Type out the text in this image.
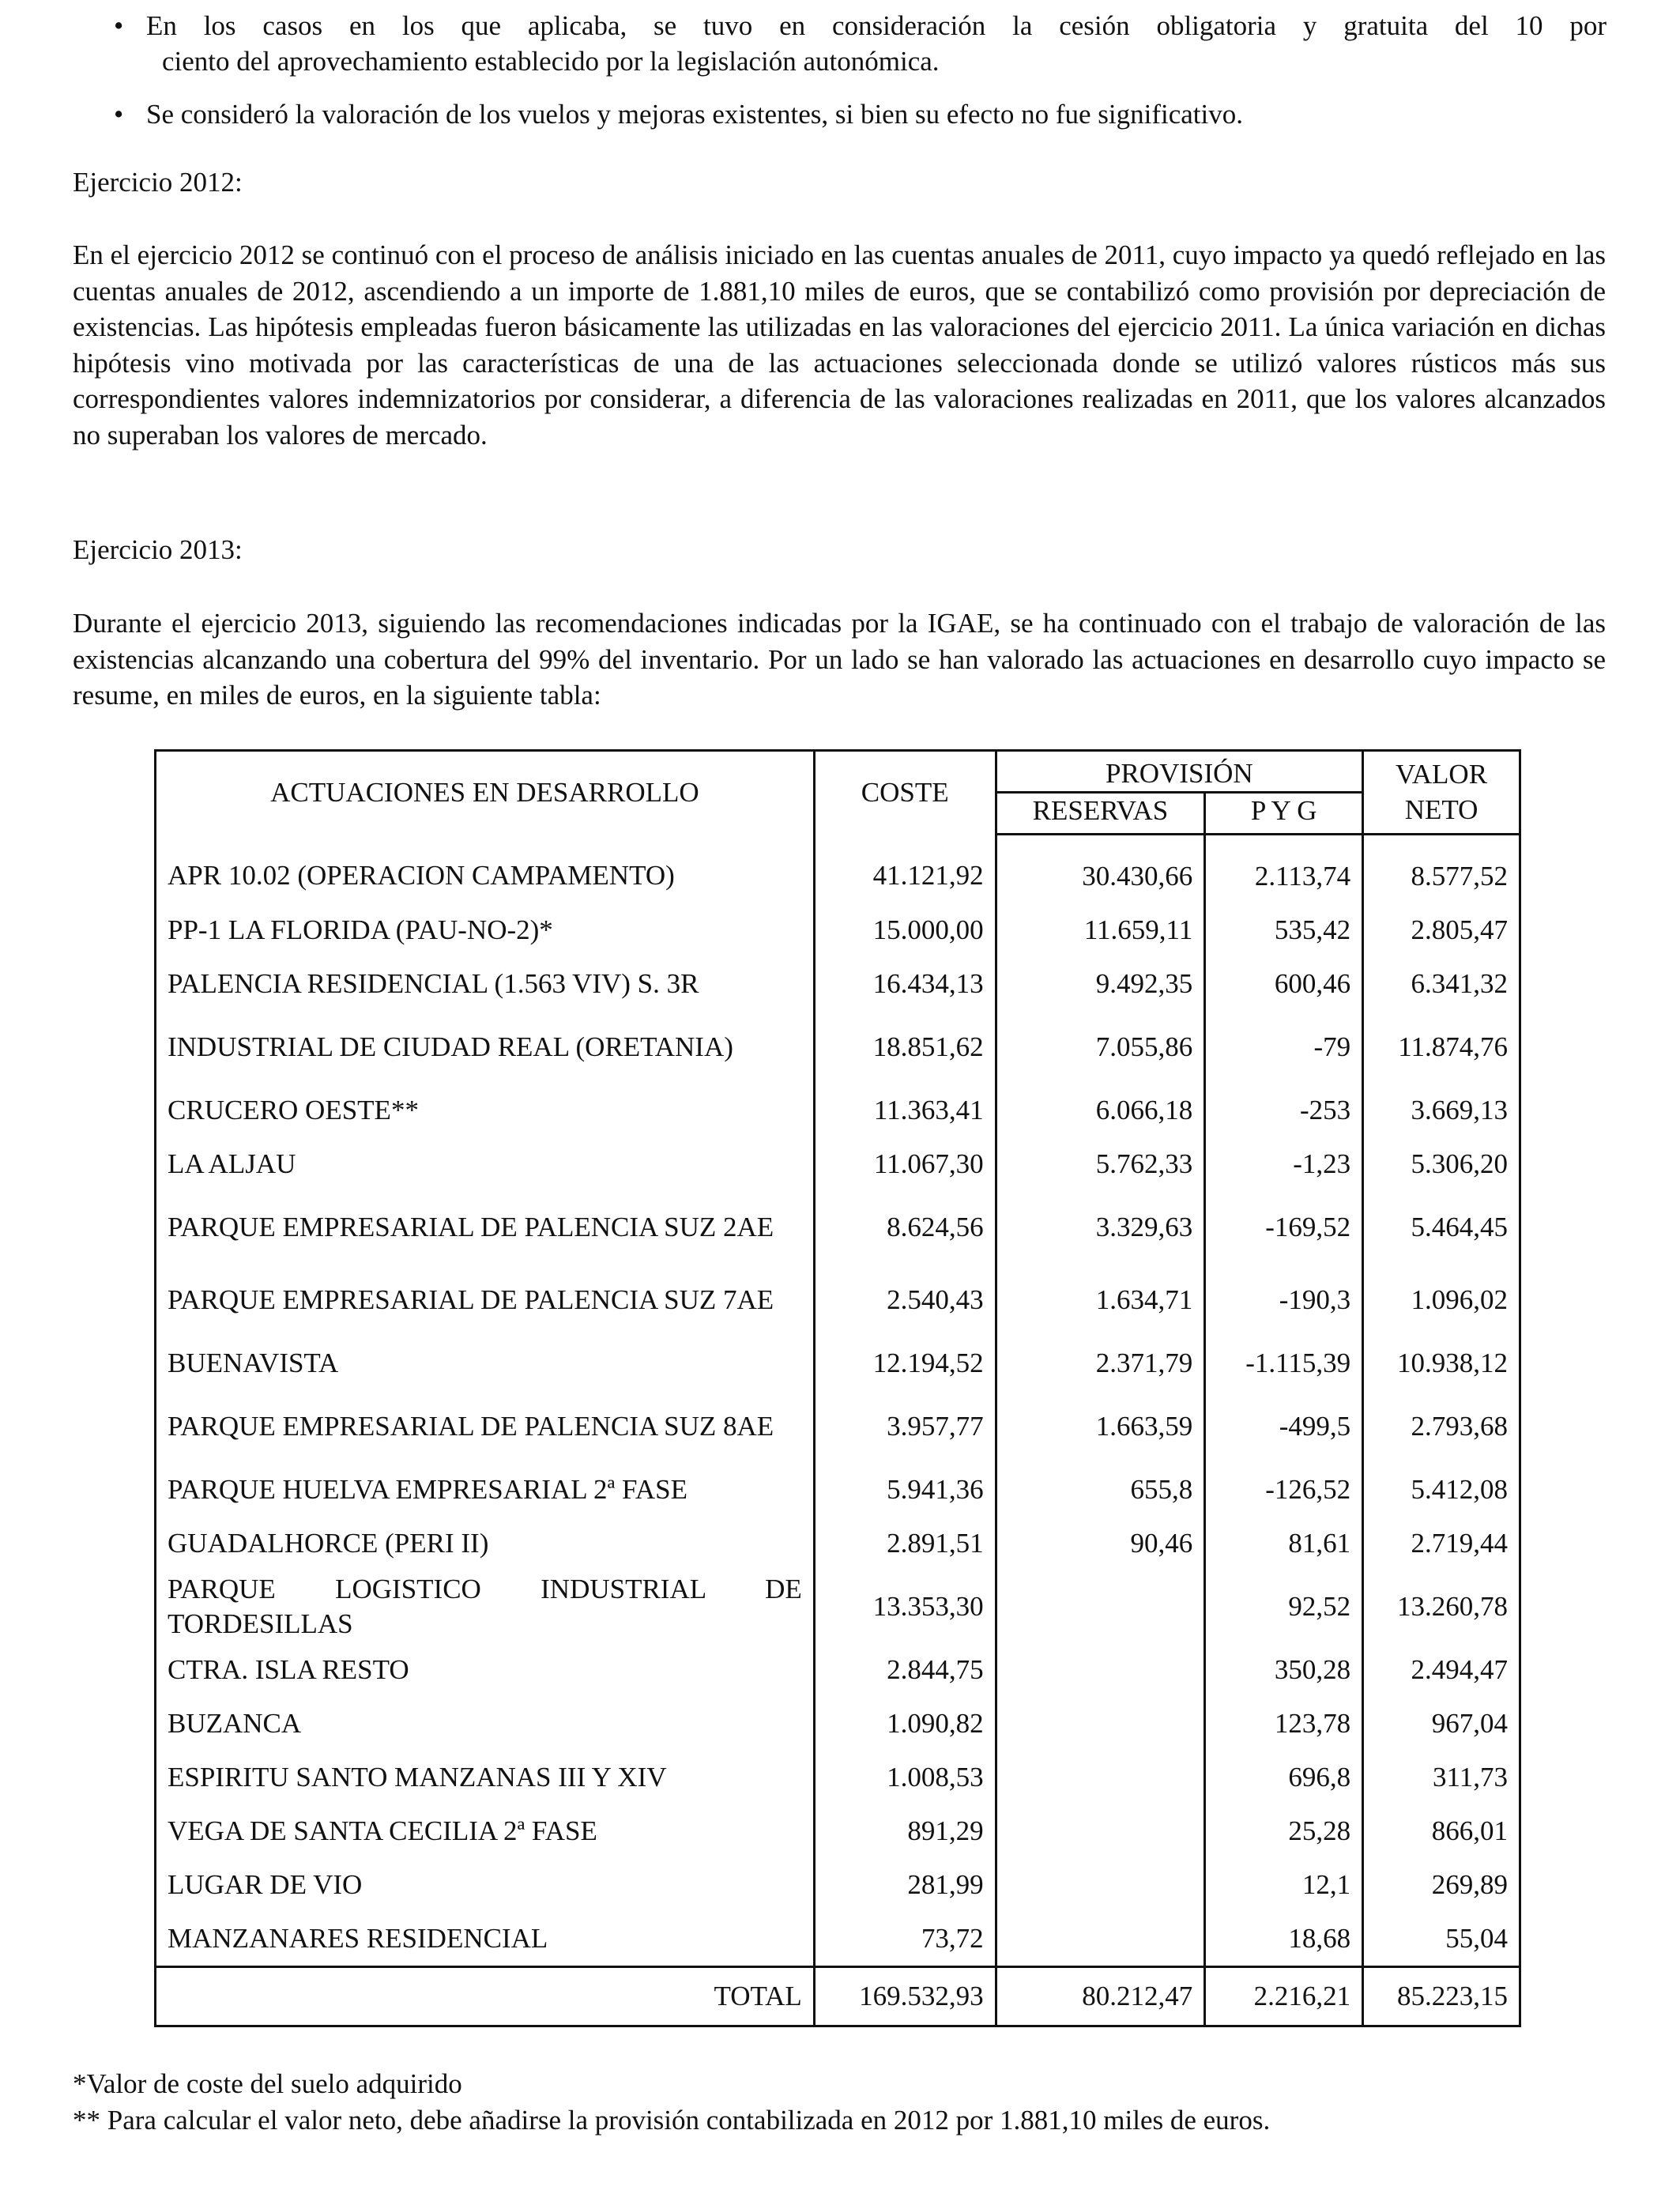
• En los casos en los que aplicaba, se tuvo en consideración la cesión obligatoria y gratuita del 10 por
ciento del aprovechamiento establecido por la legislación autonómica.
• Se consideró la valoración de los vuelos y mejoras existentes, si bien su efecto no fue significativo.
Ejercicio 2012:
En el ejercicio 2012 se continuó con el proceso de análisis iniciado en las cuentas anuales de 2011, cuyo impacto ya quedó reflejado en las cuentas anuales de 2012, ascendiendo a un importe de 1.881,10 miles de euros, que se contabilizó como provisión por depreciación de existencias. Las hipótesis empleadas fueron básicamente las utilizadas en las valoraciones del ejercicio 2011. La única variación en dichas hipótesis vino motivada por las características de una de las actuaciones seleccionada donde se utilizó valores rústicos más sus correspondientes valores indemnizatorios por considerar, a diferencia de las valoraciones realizadas en 2011, que los valores alcanzados no superaban los valores de mercado.
Ejercicio 2013:
Durante el ejercicio 2013, siguiendo las recomendaciones indicadas por la IGAE, se ha continuado con el trabajo de valoración de las existencias alcanzando una cobertura del 99% del inventario. Por un lado se han valorado las actuaciones en desarrollo cuyo impacto se resume, en miles de euros, en la siguiente tabla:
ACTUACIONES EN DESARROLLO	COSTE	PROVISIÓN		VALOR
		RESERVAS	P Y G	NETO
APR 10.02 (OPERACION CAMPAMENTO)	41.121,92	30.430,66	2.113,74	8.577,52
PP-1 LA FLORIDA (PAU-NO-2)*	15.000,00	11.659,11	535,42	2.805,47
PALENCIA RESIDENCIAL (1.563 VIV) S. 3R	16.434,13	9.492,35	600,46	6.341,32
INDUSTRIAL DE CIUDAD REAL (ORETANIA)	18.851,62	7.055,86	-79	11.874,76
CRUCERO OESTE**	11.363,41	6.066,18	-253	3.669,13
LA ALJAU	11.067,30	5.762,33	-1,23	5.306,20
PARQUE EMPRESARIAL DE PALENCIA SUZ 2AE	8.624,56	3.329,63	-169,52	5.464,45
PARQUE EMPRESARIAL DE PALENCIA SUZ 7AE	2.540,43	1.634,71	-190,3	1.096,02
BUENAVISTA	12.194,52	2.371,79	-1.115,39	10.938,12
PARQUE EMPRESARIAL DE PALENCIA SUZ 8AE	3.957,77	1.663,59	-499,5	2.793,68
PARQUE HUELVA EMPRESARIAL 2ª FASE	5.941,36	655,8	-126,52	5.412,08
GUADALHORCE (PERI II)	2.891,51	90,46	81,61	2.719,44
PARQUE LOGISTICO INDUSTRIAL DE TORDESILLAS	13.353,30		92,52	13.260,78
CTRA. ISLA RESTO	2.844,75		350,28	2.494,47
BUZANCA	1.090,82		123,78	967,04
ESPIRITU SANTO MANZANAS III Y XIV	1.008,53		696,8	311,73
VEGA DE SANTA CECILIA 2ª FASE	891,29		25,28	866,01
LUGAR DE VIO	281,99		12,1	269,89
MANZANARES RESIDENCIAL	73,72		18,68	55,04
TOTAL	169.532,93	80.212,47	2.216,21	85.223,15
*Valor de coste del suelo adquirido
** Para calcular el valor neto, debe añadirse la provisión contabilizada en 2012 por 1.881,10 miles de euros.
